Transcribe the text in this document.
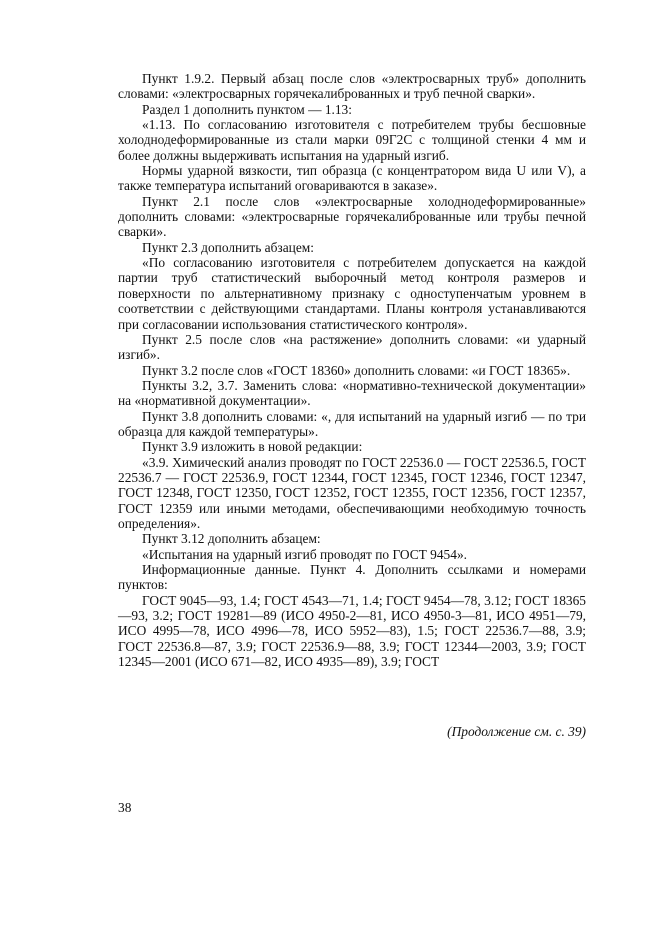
Пункт 1.9.2. Первый абзац после слов «электросварных труб» дополнить словами: «электросварных горячекалиброванных и труб печной сварки».

Раздел 1 дополнить пунктом — 1.13:

«1.13. По согласованию изготовителя с потребителем трубы бесшовные холоднодеформированные из стали марки 09Г2С с толщиной стенки 4 мм и более должны выдерживать испытания на ударный изгиб.

Нормы ударной вязкости, тип образца (с концентратором вида U или V), а также температура испытаний оговариваются в заказе».

Пункт 2.1 после слов «электросварные холоднодеформированные» дополнить словами: «электросварные горячекалиброванные или трубы печной сварки».

Пункт 2.3 дополнить абзацем:

«По согласованию изготовителя с потребителем допускается на каждой партии труб статистический выборочный метод контроля размеров и поверхности по альтернативному признаку с одноступенчатым уровнем в соответствии с действующими стандартами. Планы контроля устанавливаются при согласовании использования статистического контроля».

Пункт 2.5 после слов «на растяжение» дополнить словами: «и ударный изгиб».

Пункт 3.2 после слов «ГОСТ 18360» дополнить словами: «и ГОСТ 18365».

Пункты 3.2, 3.7. Заменить слова: «нормативно-технической документации» на «нормативной документации».

Пункт 3.8 дополнить словами: «, для испытаний на ударный изгиб — по три образца для каждой температуры».

Пункт 3.9 изложить в новой редакции:

«3.9. Химический анализ проводят по ГОСТ 22536.0 — ГОСТ 22536.5, ГОСТ 22536.7 — ГОСТ 22536.9, ГОСТ 12344, ГОСТ 12345, ГОСТ 12346, ГОСТ 12347, ГОСТ 12348, ГОСТ 12350, ГОСТ 12352, ГОСТ 12355, ГОСТ 12356, ГОСТ 12357, ГОСТ 12359 или иными методами, обеспечивающими необходимую точность определения».

Пункт 3.12 дополнить абзацем:

«Испытания на ударный изгиб проводят по ГОСТ 9454».

Информационные данные. Пункт 4. Дополнить ссылками и номерами пунктов:

ГОСТ 9045—93, 1.4; ГОСТ 4543—71, 1.4; ГОСТ 9454—78, 3.12; ГОСТ 18365—93, 3.2; ГОСТ 19281—89 (ИСО 4950-2—81, ИСО 4950-3—81, ИСО 4951—79, ИСО 4995—78, ИСО 4996—78, ИСО 5952—83), 1.5; ГОСТ 22536.7—88, 3.9; ГОСТ 22536.8—87, 3.9; ГОСТ 22536.9—88, 3.9; ГОСТ 12344—2003, 3.9; ГОСТ 12345—2001 (ИСО 671—82, ИСО 4935—89), 3.9; ГОСТ

(Продолжение см. с. 39)
38
